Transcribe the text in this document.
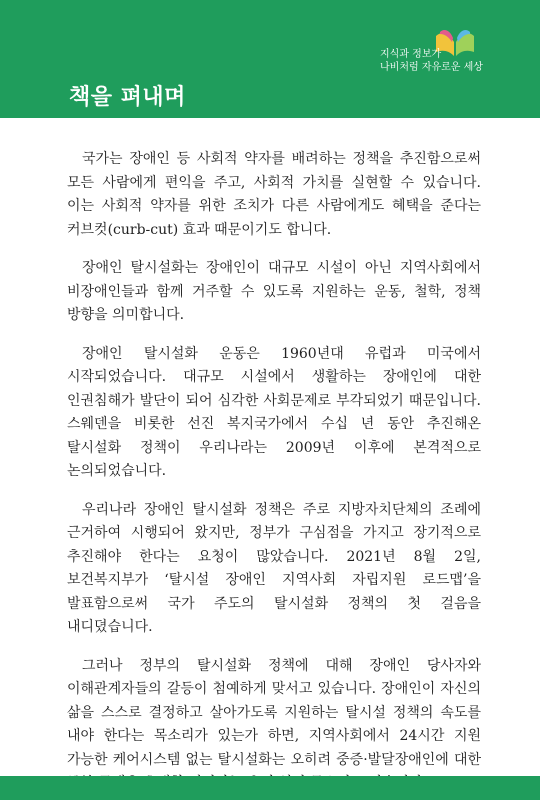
책을 펴내며
지식과 정보가
나비처럼 자유로운 세상

국가는 장애인 등 사회적 약자를 배려하는 정책을 추진함으로써 모든 사람에게 편익을 주고, 사회적 가치를 실현할 수 있습니다. 이는 사회적 약자를 위한 조치가 다른 사람에게도 혜택을 준다는 커브컷(curb-cut) 효과 때문이기도 합니다.

장애인 탈시설화는 장애인이 대규모 시설이 아닌 지역사회에서 비장애인들과 함께 거주할 수 있도록 지원하는 운동, 철학, 정책 방향을 의미합니다.

장애인 탈시설화 운동은 1960년대 유럽과 미국에서 시작되었습니다. 대규모 시설에서 생활하는 장애인에 대한 인권침해가 발단이 되어 심각한 사회문제로 부각되었기 때문입니다. 스웨덴을 비롯한 선진 복지국가에서 수십 년 동안 추진해온 탈시설화 정책이 우리나라는 2009년 이후에 본격적으로 논의되었습니다.

우리나라 장애인 탈시설화 정책은 주로 지방자치단체의 조례에 근거하여 시행되어 왔지만, 정부가 구심점을 가지고 장기적으로 추진해야 한다는 요청이 많았습니다. 2021년 8월 2일, 보건복지부가 ‘탈시설 장애인 지역사회 자립지원 로드맵’을 발표함으로써 국가 주도의 탈시설화 정책의 첫 걸음을 내디뎠습니다.

그러나 정부의 탈시설화 정책에 대해 장애인 당사자와 이해관계자들의 갈등이 첨예하게 맞서고 있습니다. 장애인이 자신의 삶을 스스로 결정하고 살아가도록 지원하는 탈시설 정책의 속도를 내야 한다는 목소리가 있는가 하면, 지역사회에서 24시간 지원 가능한 케어시스템 없는 탈시설화는 오히려 중증·발달장애인에 대한
